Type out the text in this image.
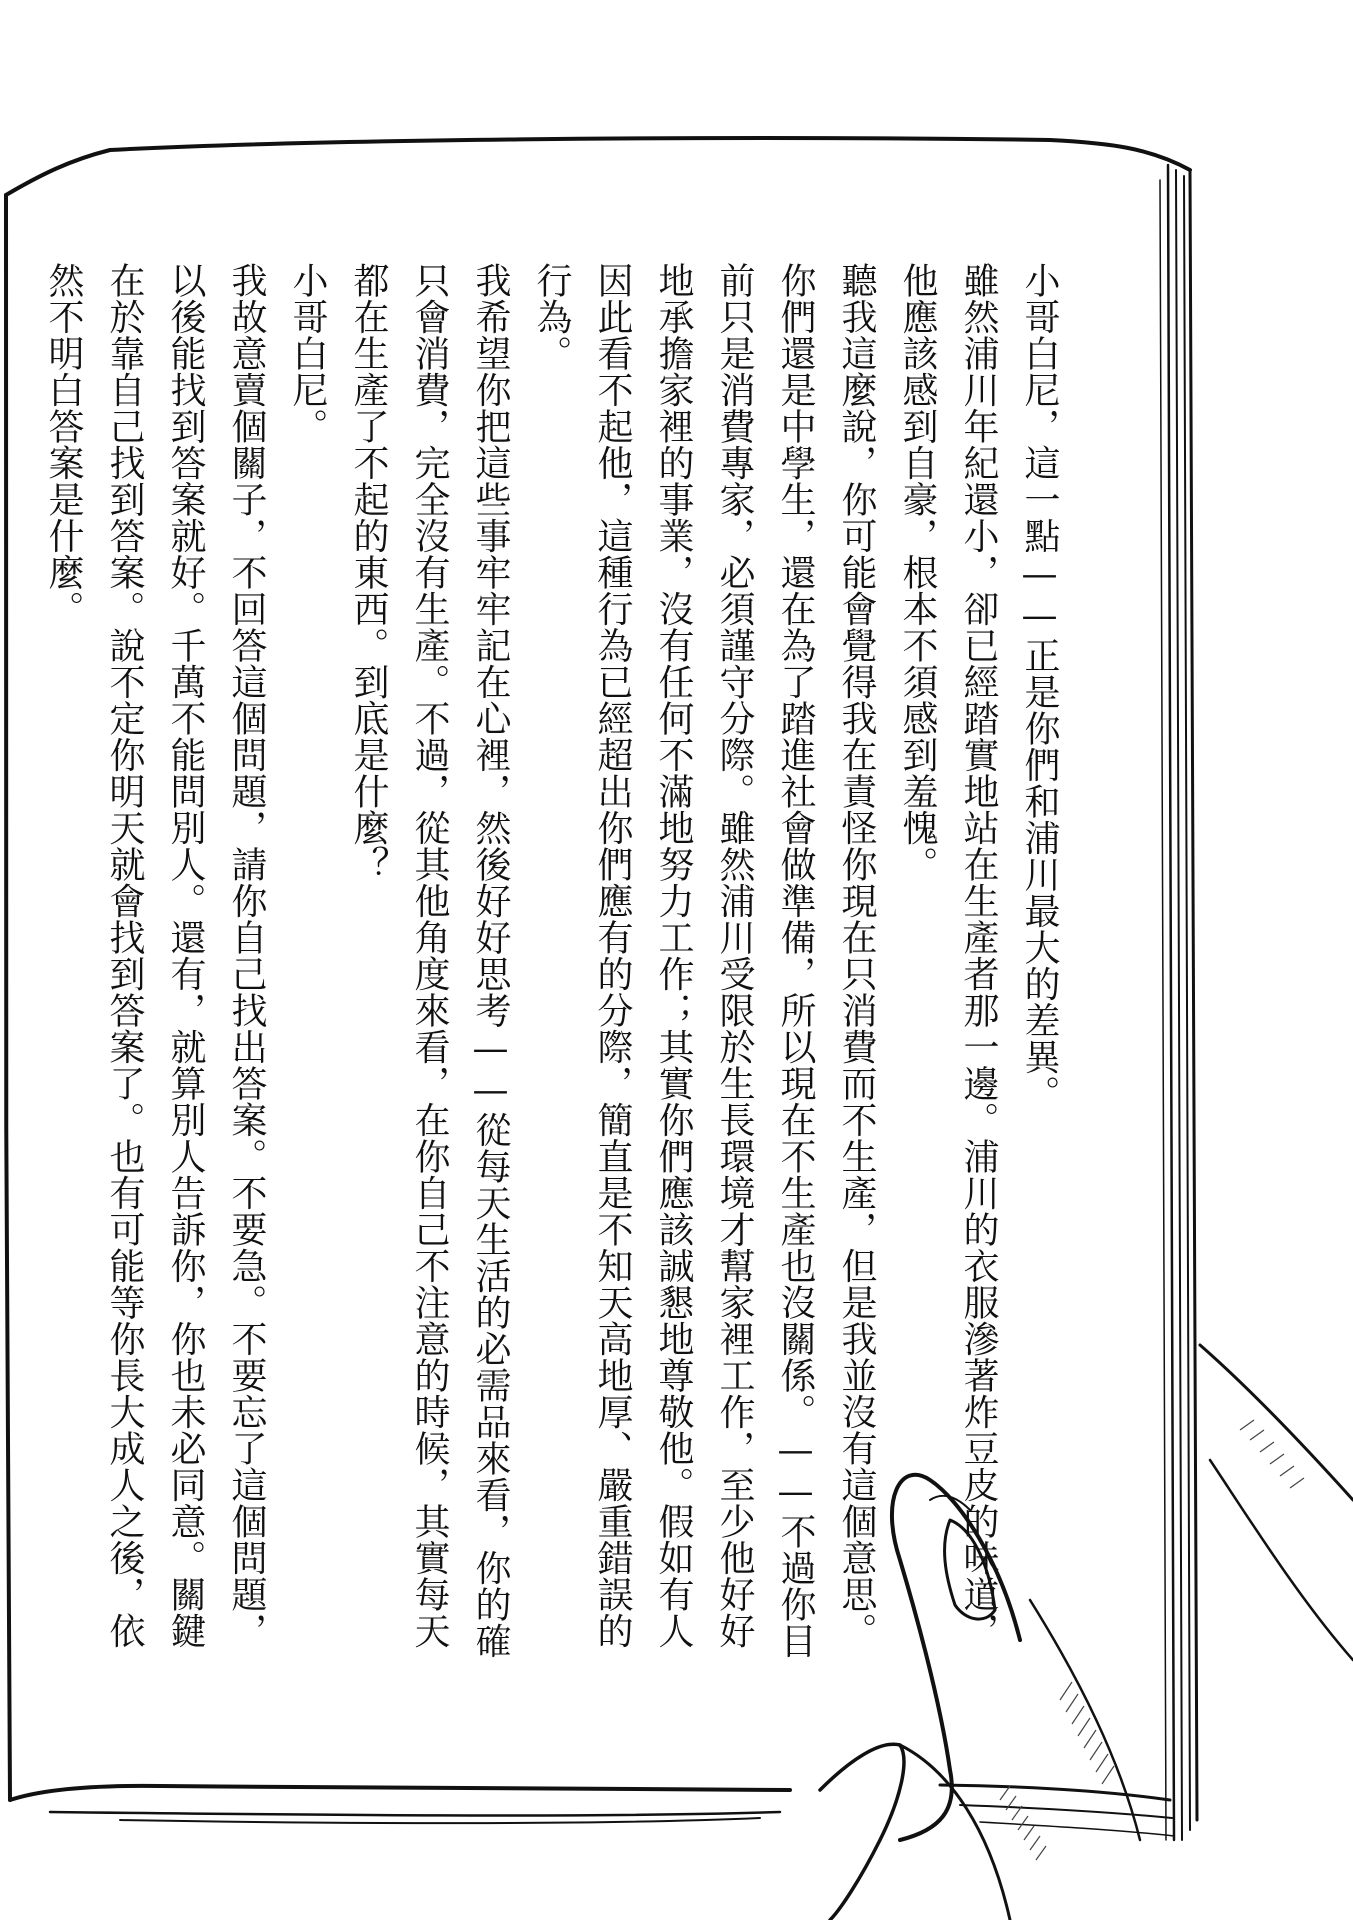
小哥白尼，這一點——正是你們和浦川最大的差異。

雖然浦川年紀還小，卻已經踏實地站在生產者那一邊。浦川的衣服滲著炸豆皮的味道，他應該感到自豪，根本不須感到羞愧。

聽我這麼說，你可能會覺得我在責怪你現在只消費而不生產，但是我並沒有這個意思。你們還是中學生，還在為了踏進社會做準備，所以現在不生產也沒關係。——不過你目前只是消費專家，必須謹守分際。雖然浦川受限於生長環境才幫家裡工作，至少他好好地承擔家裡的事業，沒有任何不滿地努力工作；其實你們應該誠懇地尊敬他。假如有人因此看不起他，這種行為已經超出你們應有的分際，簡直是不知天高地厚、嚴重錯誤的行為。

我希望你把這些事牢牢記在心裡，然後好好思考——從每天生活的必需品來看，你的確只會消費，完全沒有生產。不過，從其他角度來看，在你自己不注意的時候，其實每天都在生產了不起的東西。到底是什麼？

小哥白尼。

我故意賣個關子，不回答這個問題，請你自己找出答案。不要急。不要忘了這個問題，以後能找到答案就好。千萬不能問別人。還有，就算別人告訴你，你也未必同意。關鍵在於靠自己找到答案。說不定你明天就會找到答案了。也有可能等你長大成人之後，依然不明白答案是什麼。
